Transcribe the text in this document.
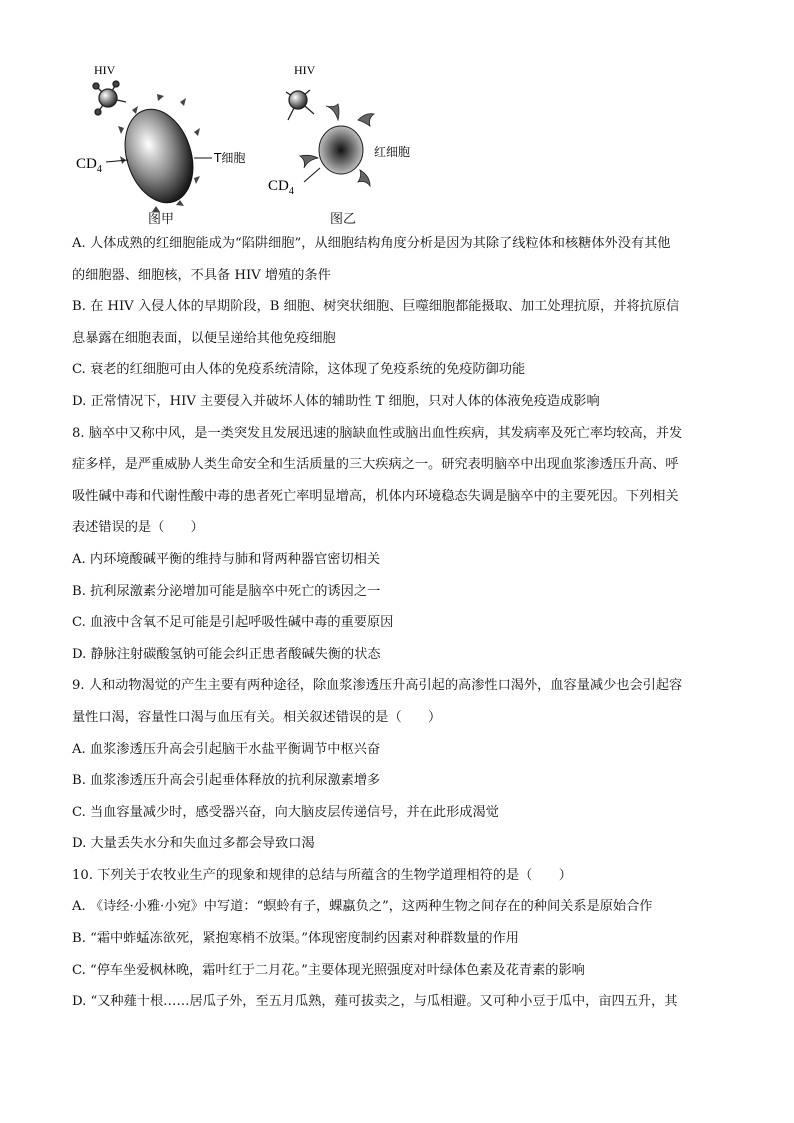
HIV
$CD_4$
T细胞
图甲
HIV
红细胞
$CD_4$
图乙
A. 人体成熟的红细胞能成为“陷阱细胞”，从细胞结构角度分析是因为其除了线粒体和核糖体外没有其他
的细胞器、细胞核，不具备 HIV 增殖的条件
B. 在 HIV 入侵人体的早期阶段，B 细胞、树突状细胞、巨噬细胞都能摄取、加工处理抗原，并将抗原信
息暴露在细胞表面，以便呈递给其他免疫细胞
C. 衰老的红细胞可由人体的免疫系统清除，这体现了免疫系统的免疫防御功能
D. 正常情况下，HIV 主要侵入并破坏人体的辅助性 T 细胞，只对人体的体液免疫造成影响
8. 脑卒中又称中风，是一类突发且发展迅速的脑缺血性或脑出血性疾病，其发病率及死亡率均较高，并发
症多样，是严重威胁人类生命安全和生活质量的三大疾病之一。研究表明脑卒中出现血浆渗透压升高、呼
吸性碱中毒和代谢性酸中毒的患者死亡率明显增高，机体内环境稳态失调是脑卒中的主要死因。下列相关
表述错误的是（　　）
A. 内环境酸碱平衡的维持与肺和肾两种器官密切相关
B. 抗利尿激素分泌增加可能是脑卒中死亡的诱因之一
C. 血液中含氧不足可能是引起呼吸性碱中毒的重要原因
D. 静脉注射碳酸氢钠可能会纠正患者酸碱失衡的状态
9. 人和动物渴觉的产生主要有两种途径，除血浆渗透压升高引起的高渗性口渴外，血容量减少也会引起容
量性口渴，容量性口渴与血压有关。相关叙述错误的是（　　）
A. 血浆渗透压升高会引起脑干水盐平衡调节中枢兴奋
B. 血浆渗透压升高会引起垂体释放的抗利尿激素增多
C. 当血容量减少时，感受器兴奋，向大脑皮层传递信号，并在此形成渴觉
D. 大量丢失水分和失血过多都会导致口渴
10. 下列关于农牧业生产的现象和规律的总结与所蕴含的生物学道理相符的是（　　）
A. 《诗经·小雅·小宛》中写道：“螟蛉有子，蜾蠃负之”，这两种生物之间存在的种间关系是原始合作
B. “霜中蚱蜢冻欲死，紧抱寒梢不放渠。”体现密度制约因素对种群数量的作用
C. “停车坐爱枫林晚，霜叶红于二月花。”主要体现光照强度对叶绿体色素及花青素的影响
D. “又种薤十根……居瓜子外，至五月瓜熟，薤可拔卖之，与瓜相避。又可种小豆于瓜中，亩四五升，其
